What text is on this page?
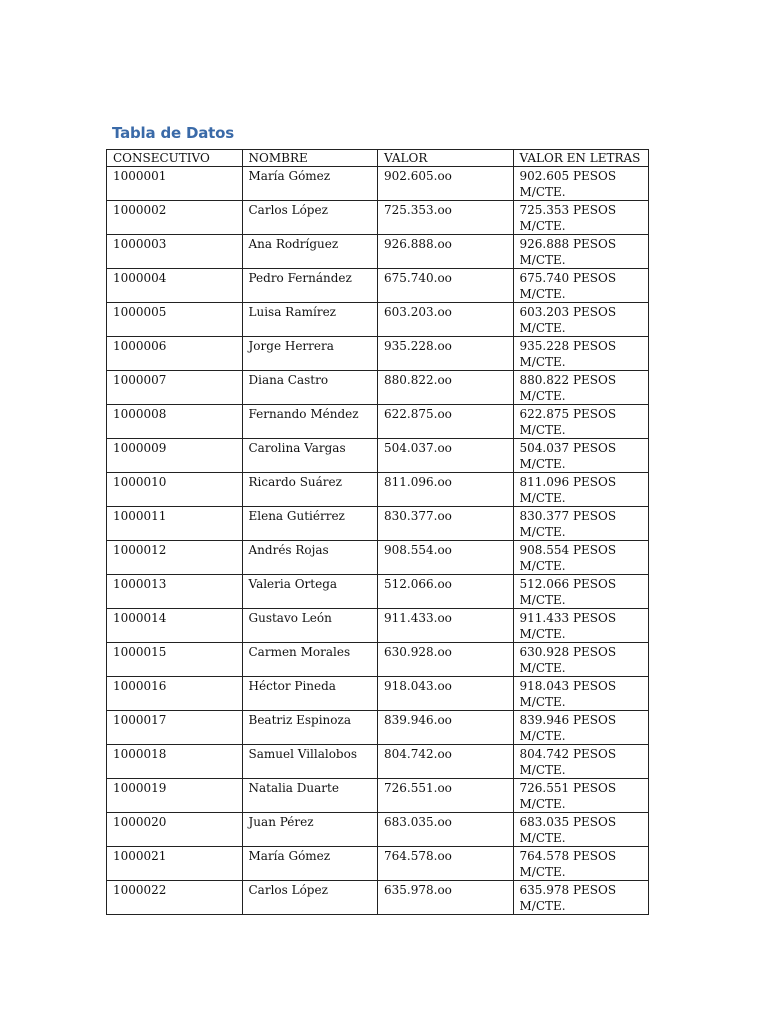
Tabla de Datos
CONSECUTIVO	NOMBRE	VALOR	VALOR EN LETRAS
1000001	María Gómez	902.605.oo	902.605 PESOS M/CTE.
1000002	Carlos López	725.353.oo	725.353 PESOS M/CTE.
1000003	Ana Rodríguez	926.888.oo	926.888 PESOS M/CTE.
1000004	Pedro Fernández	675.740.oo	675.740 PESOS M/CTE.
1000005	Luisa Ramírez	603.203.oo	603.203 PESOS M/CTE.
1000006	Jorge Herrera	935.228.oo	935.228 PESOS M/CTE.
1000007	Diana Castro	880.822.oo	880.822 PESOS M/CTE.
1000008	Fernando Méndez	622.875.oo	622.875 PESOS M/CTE.
1000009	Carolina Vargas	504.037.oo	504.037 PESOS M/CTE.
1000010	Ricardo Suárez	811.096.oo	811.096 PESOS M/CTE.
1000011	Elena Gutiérrez	830.377.oo	830.377 PESOS M/CTE.
1000012	Andrés Rojas	908.554.oo	908.554 PESOS M/CTE.
1000013	Valeria Ortega	512.066.oo	512.066 PESOS M/CTE.
1000014	Gustavo León	911.433.oo	911.433 PESOS M/CTE.
1000015	Carmen Morales	630.928.oo	630.928 PESOS M/CTE.
1000016	Héctor Pineda	918.043.oo	918.043 PESOS M/CTE.
1000017	Beatriz Espinoza	839.946.oo	839.946 PESOS M/CTE.
1000018	Samuel Villalobos	804.742.oo	804.742 PESOS M/CTE.
1000019	Natalia Duarte	726.551.oo	726.551 PESOS M/CTE.
1000020	Juan Pérez	683.035.oo	683.035 PESOS M/CTE.
1000021	María Gómez	764.578.oo	764.578 PESOS M/CTE.
1000022	Carlos López	635.978.oo	635.978 PESOS M/CTE.
